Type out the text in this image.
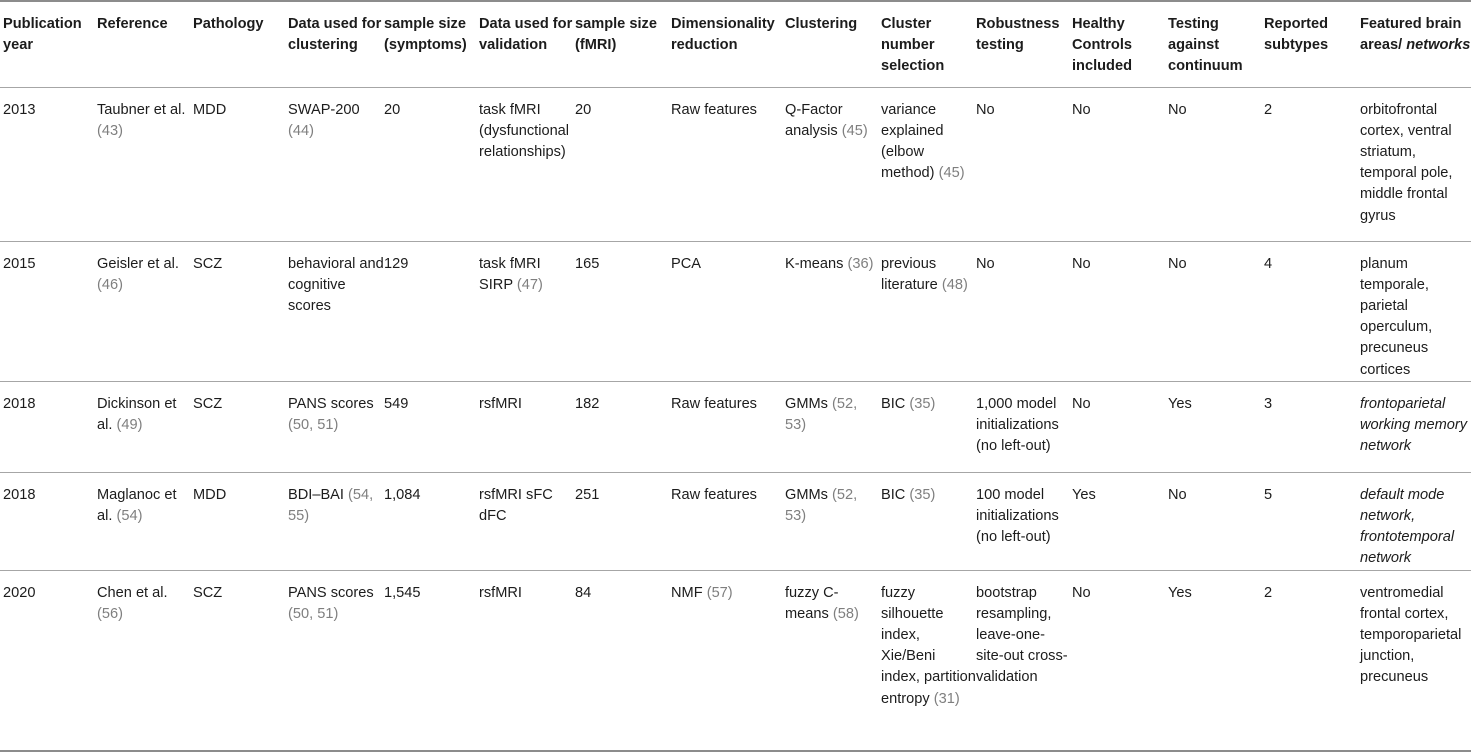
Publication year	Reference	Pathology	Data used for clustering	sample size (symptoms)	Data used for validation	sample size (fMRI)	Dimensionality reduction	Clustering	Cluster number selection	Robustness testing	Healthy Controls included	Testing against continuum	Reported subtypes	Featured brain areas/ networks
2013	Taubner et al. (43)	MDD	SWAP-200 (44)	20	task fMRI (dysfunctional relationships)	20	Raw features	Q-Factor analysis (45)	variance explained (elbow method) (45)	No	No	No	2	orbitofrontal cortex, ventral striatum, temporal pole, middle frontal gyrus
2015	Geisler et al. (46)	SCZ	behavioral and cognitive scores	129	task fMRI SIRP (47)	165	PCA	K-means (36)	previous literature (48)	No	No	No	4	planum temporale, parietal operculum, precuneus cortices
2018	Dickinson et al. (49)	SCZ	PANS scores (50, 51)	549	rsfMRI	182	Raw features	GMMs (52, 53)	BIC (35)	1,000 model initializations (no left-out)	No	Yes	3	frontoparietal working memory network
2018	Maglanoc et al. (54)	MDD	BDI–BAI (54, 55)	1,084	rsfMRI sFC dFC	251	Raw features	GMMs (52, 53)	BIC (35)	100 model initializations (no left-out)	Yes	No	5	default mode network, frontotemporal network
2020	Chen et al. (56)	SCZ	PANS scores (50, 51)	1,545	rsfMRI	84	NMF (57)	fuzzy C-means (58)	fuzzy silhouette index, Xie/Beni index, partition entropy (31)	bootstrap resampling, leave-one-site-out cross-validation	No	Yes	2	ventromedial frontal cortex, temporoparietal junction, precuneus
